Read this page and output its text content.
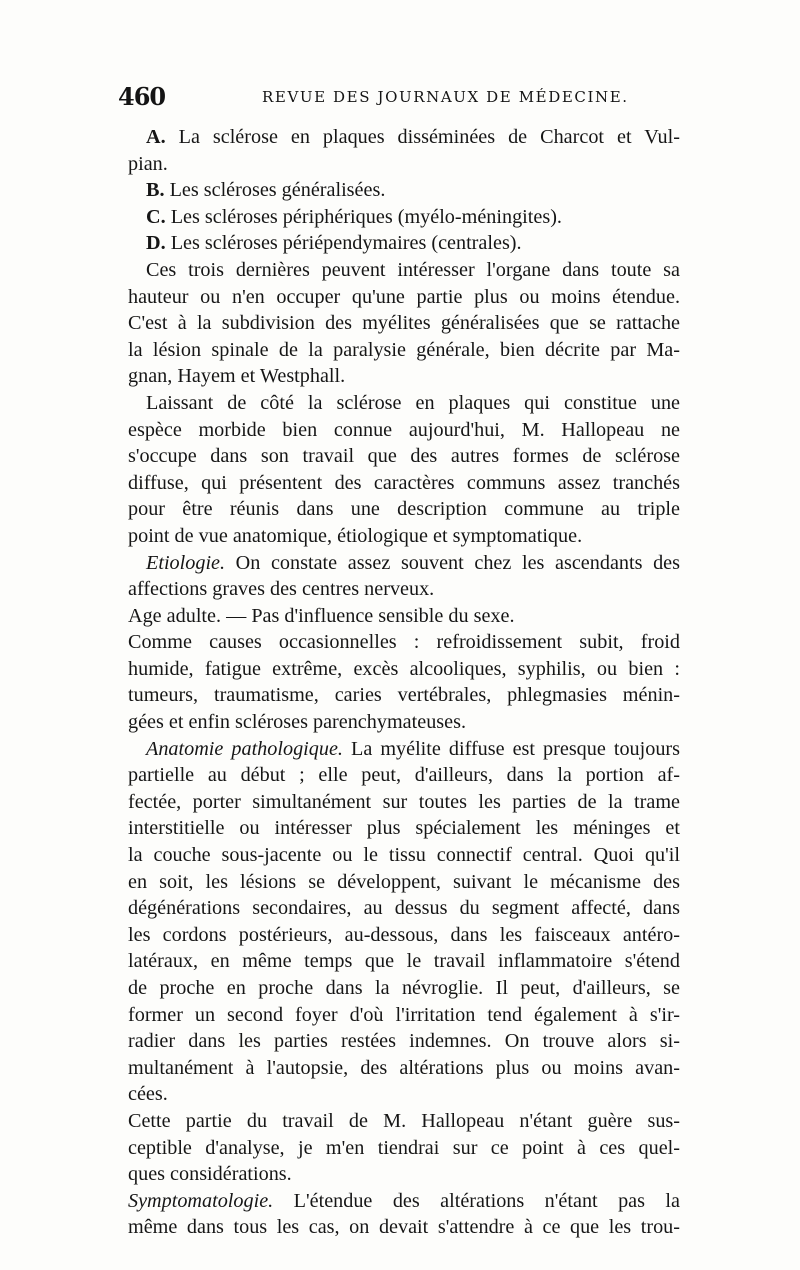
460	REVUE DES JOURNAUX DE MÉDECINE.
A. La sclérose en plaques disséminées de Charcot et Vul-
pian.
B. Les scléroses généralisées.
C. Les scléroses périphériques (myélo-méningites).
D. Les scléroses périépendymaires (centrales).
Ces trois dernières peuvent intéresser l'organe dans toute sa
hauteur ou n'en occuper qu'une partie plus ou moins étendue.
C'est à la subdivision des myélites généralisées que se rattache
la lésion spinale de la paralysie générale, bien décrite par Ma-
gnan, Hayem et Westphall.
Laissant de côté la sclérose en plaques qui constitue une
espèce morbide bien connue aujourd'hui, M. Hallopeau ne
s'occupe dans son travail que des autres formes de sclérose
diffuse, qui présentent des caractères communs assez tranchés
pour être réunis dans une description commune au triple
point de vue anatomique, étiologique et symptomatique.
Etiologie. On constate assez souvent chez les ascendants des
affections graves des centres nerveux.
Age adulte. — Pas d'influence sensible du sexe.
Comme causes occasionnelles : refroidissement subit, froid
humide, fatigue extrême, excès alcooliques, syphilis, ou bien :
tumeurs, traumatisme, caries vertébrales, phlegmasies ménin-
gées et enfin scléroses parenchymateuses.
Anatomie pathologique. La myélite diffuse est presque toujours
partielle au début ; elle peut, d'ailleurs, dans la portion af-
fectée, porter simultanément sur toutes les parties de la trame
interstitielle ou intéresser plus spécialement les méninges et
la couche sous-jacente ou le tissu connectif central. Quoi qu'il
en soit, les lésions se développent, suivant le mécanisme des
dégénérations secondaires, au dessus du segment affecté, dans
les cordons postérieurs, au-dessous, dans les faisceaux antéro-
latéraux, en même temps que le travail inflammatoire s'étend
de proche en proche dans la névroglie. Il peut, d'ailleurs, se
former un second foyer d'où l'irritation tend également à s'ir-
radier dans les parties restées indemnes. On trouve alors si-
multanément à l'autopsie, des altérations plus ou moins avan-
cées.
Cette partie du travail de M. Hallopeau n'étant guère sus-
ceptible d'analyse, je m'en tiendrai sur ce point à ces quel-
ques considérations.
Symptomatologie. L'étendue des altérations n'étant pas la
même dans tous les cas, on devait s'attendre à ce que les trou-
